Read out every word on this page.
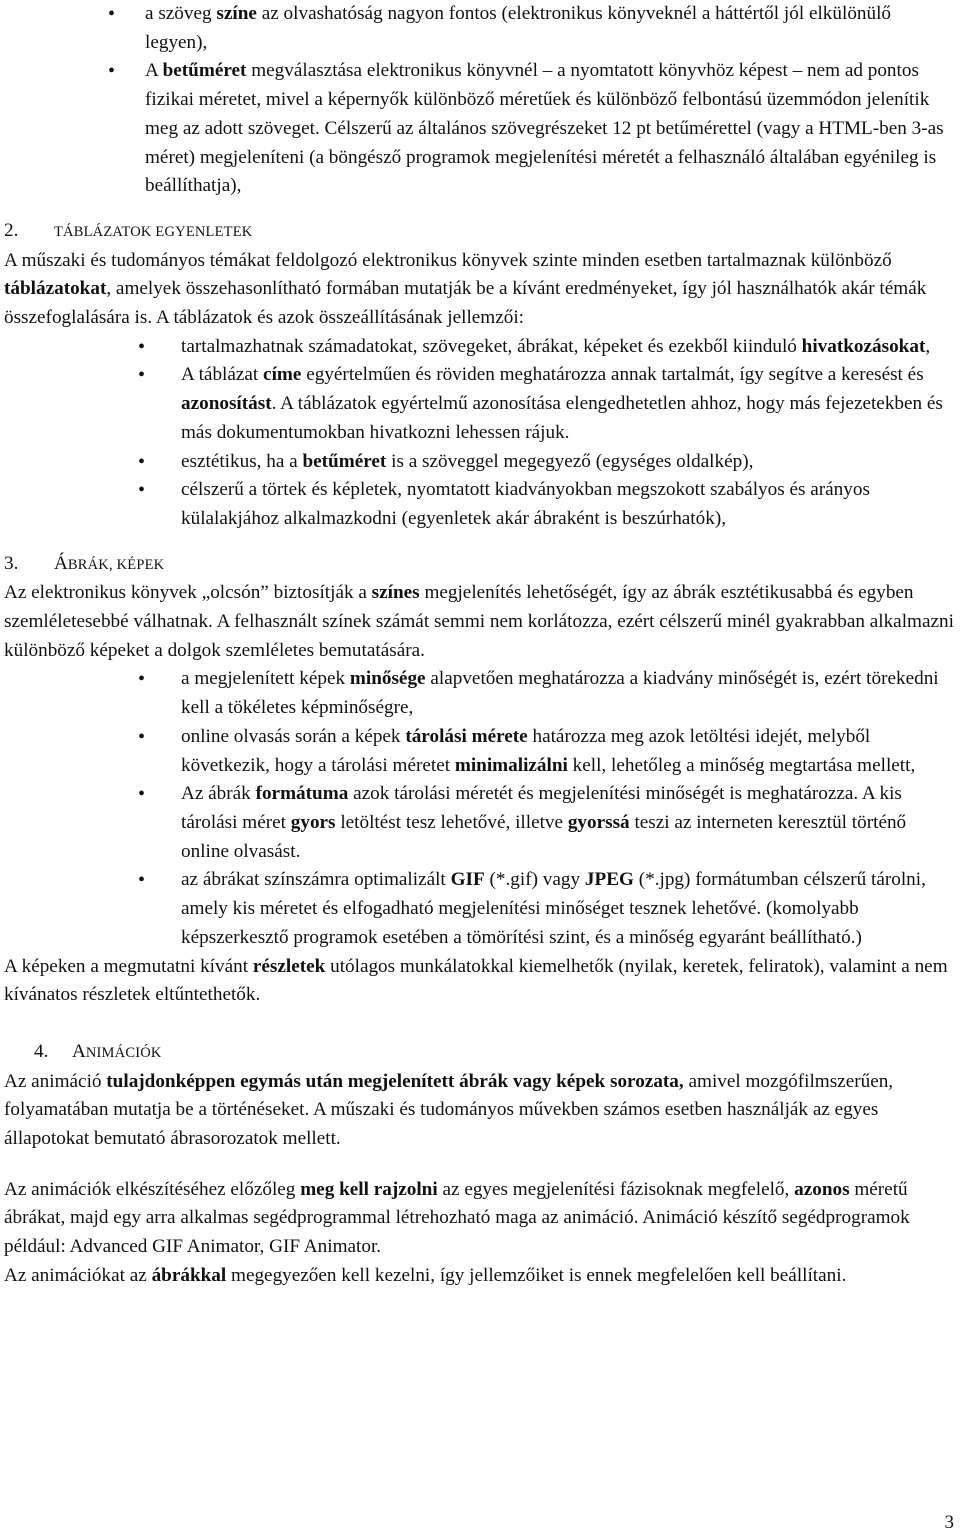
• a szöveg színe az olvashatóság nagyon fontos (elektronikus könyveknél a háttértől jól elkülönülő legyen),
• A betűméret megválasztása elektronikus könyvnél – a nyomtatott könyvhöz képest – nem ad pontos fizikai méretet, mivel a képernyők különböző méretűek és különböző felbontású üzemmódon jelenítik meg az adott szöveget. Célszerű az általános szövegrészeket 12 pt betűmérettel (vagy a HTML-ben 3-as méret) megjeleníteni (a böngésző programok megjelenítési méretét a felhasználó általában egyénileg is beállíthatja),

2. TÁBLÁZATOK EGYENLETEK

A műszaki és tudományos témákat feldolgozó elektronikus könyvek szinte minden esetben tartalmaznak különböző táblázatokat, amelyek összehasonlítható formában mutatják be a kívánt eredményeket, így jól használhatók akár témák összefoglalására is. A táblázatok és azok összeállításának jellemzői:

• tartalmazhatnak számadatokat, szövegeket, ábrákat, képeket és ezekből kiinduló hivatkozásokat,
• A táblázat címe egyértelműen és röviden meghatározza annak tartalmát, így segítve a keresést és azonosítást. A táblázatok egyértelmű azonosítása elengedhetetlen ahhoz, hogy más fejezetekben és más dokumentumokban hivatkozni lehessen rájuk.
• esztétikus, ha a betűméret is a szöveggel megegyező (egységes oldalkép),
• célszerű a törtek és képletek, nyomtatott kiadványokban megszokott szabályos és arányos külalakjához alkalmazkodni (egyenletek akár ábraként is beszúrhatók),

3. ÁBRÁK, KÉPEK

Az elektronikus könyvek „olcsón” biztosítják a színes megjelenítés lehetőségét, így az ábrák esztétikusabbá és egyben szemléletesebbé válhatnak. A felhasznált színek számát semmi nem korlátozza, ezért célszerű minél gyakrabban alkalmazni különböző képeket a dolgok szemléletes bemutatására.

• a megjelenített képek minősége alapvetően meghatározza a kiadvány minőségét is, ezért törekedni kell a tökéletes képminőségre,
• online olvasás során a képek tárolási mérete határozza meg azok letöltési idejét, melyből következik, hogy a tárolási méretet minimalizálni kell, lehetőleg a minőség megtartása mellett,
• Az ábrák formátuma azok tárolási méretét és megjelenítési minőségét is meghatározza. A kis tárolási méret gyors letöltést tesz lehetővé, illetve gyorssá teszi az interneten keresztül történő online olvasást.
• az ábrákat színszámra optimalizált GIF (*.gif) vagy JPEG (*.jpg) formátumban célszerű tárolni, amely kis méretet és elfogadható megjelenítési minőséget tesznek lehetővé. (komolyabb képszerkesztő programok esetében a tömörítési szint, és a minőség egyaránt beállítható.)

A képeken a megmutatni kívánt részletek utólagos munkálatokkal kiemelhetők (nyilak, keretek, feliratok), valamint a nem kívánatos részletek eltűntethetők.

4. ANIMÁCIÓK

Az animáció tulajdonképpen egymás után megjelenített ábrák vagy képek sorozata, amivel mozgófilmszerűen, folyamatában mutatja be a történéseket. A műszaki és tudományos művekben számos esetben használják az egyes állapotokat bemutató ábrasorozatok mellett.

Az animációk elkészítéséhez előzőleg meg kell rajzolni az egyes megjelenítési fázisoknak megfelelő, azonos méretű ábrákat, majd egy arra alkalmas segédprogrammal létrehozható maga az animáció. Animáció készítő segédprogramok például: Advanced GIF Animator, GIF Animator.

Az animációkat az ábrákkal megegyezően kell kezelni, így jellemzőiket is ennek megfelelően kell beállítani.

3
